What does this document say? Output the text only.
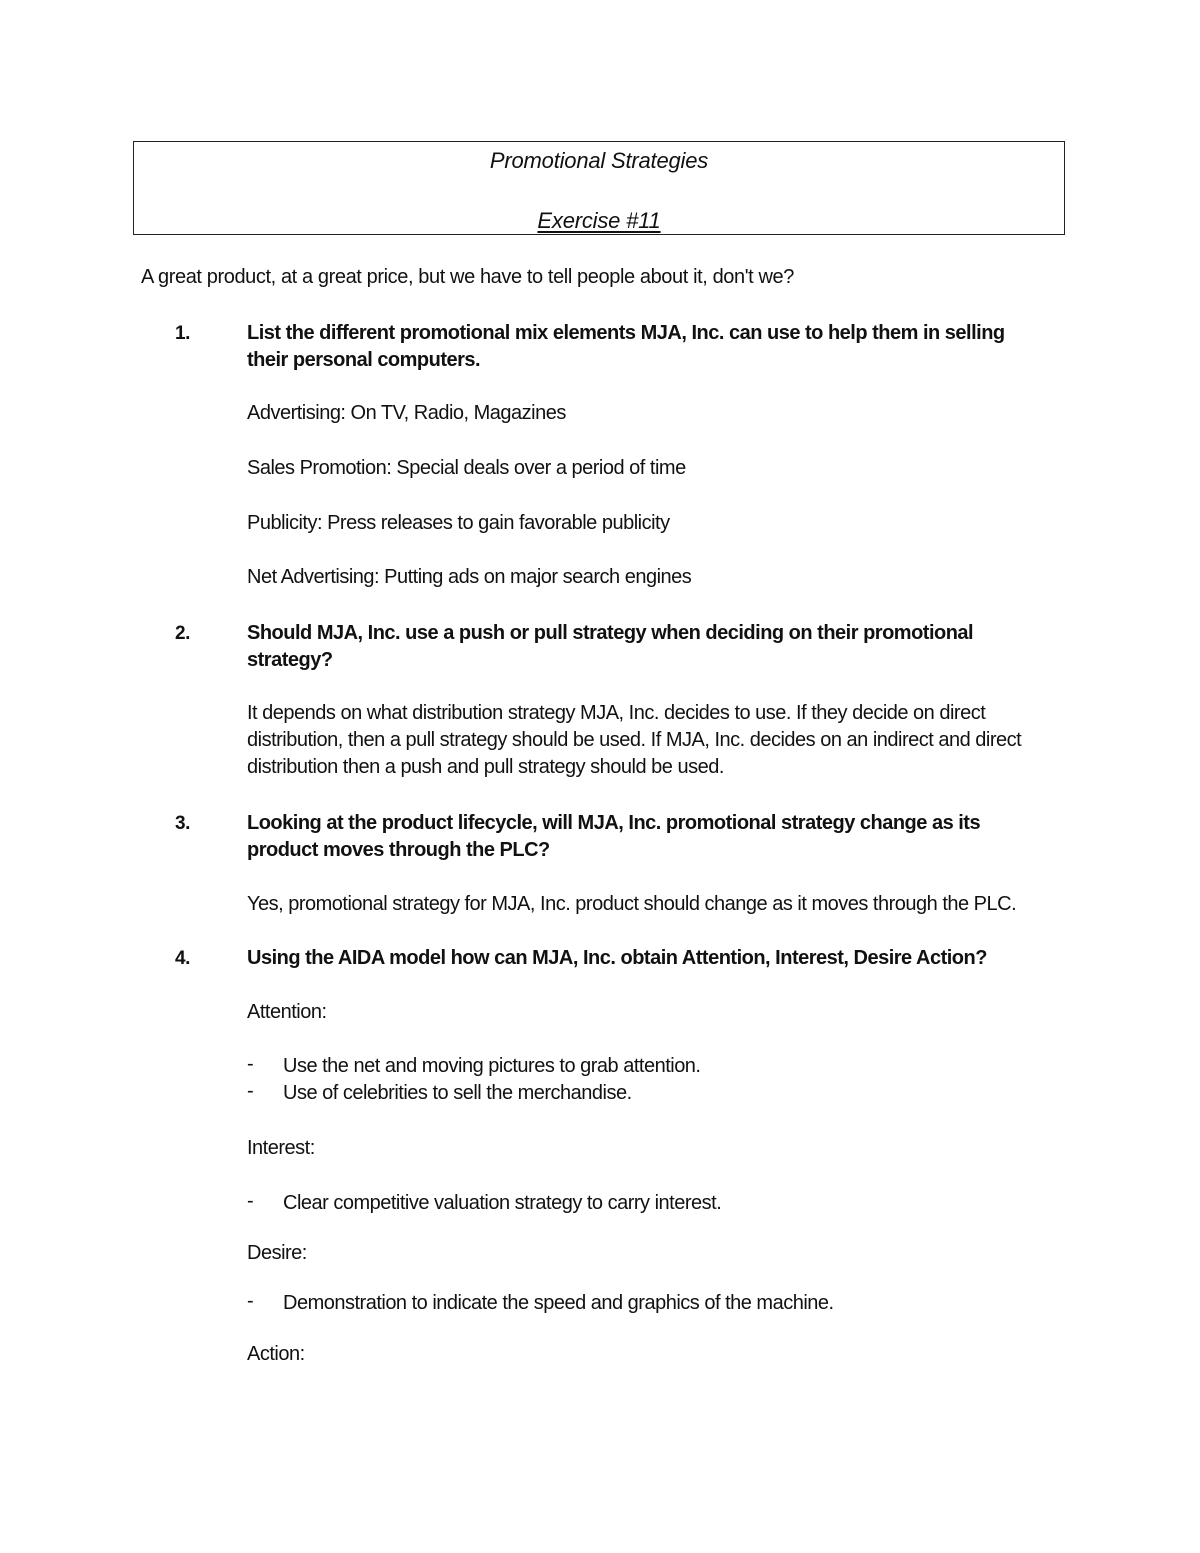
Promotional Strategies
Exercise #11
A great product, at a great price, but we have to tell people about it, don't we?
1.	List the different promotional mix elements MJA, Inc. can use to help them in selling their personal computers.
Advertising: On TV, Radio, Magazines
Sales Promotion: Special deals over a period of time
Publicity: Press releases to gain favorable publicity
Net Advertising: Putting ads on major search engines
2.	Should MJA, Inc. use a push or pull strategy when deciding on their promotional strategy?
It depends on what distribution strategy MJA, Inc. decides to use. If they decide on direct distribution, then a pull strategy should be used. If MJA, Inc. decides on an indirect and direct distribution then a push and pull strategy should be used.
3.	Looking at the product lifecycle, will MJA, Inc. promotional strategy change as its product moves through the PLC?
Yes, promotional strategy for MJA, Inc. product should change as it moves through the PLC.
4.	Using the AIDA model how can MJA, Inc. obtain Attention, Interest, Desire Action?
Attention:
- Use the net and moving pictures to grab attention.
- Use of celebrities to sell the merchandise.
Interest:
- Clear competitive valuation strategy to carry interest.
Desire:
- Demonstration to indicate the speed and graphics of the machine.
Action:
